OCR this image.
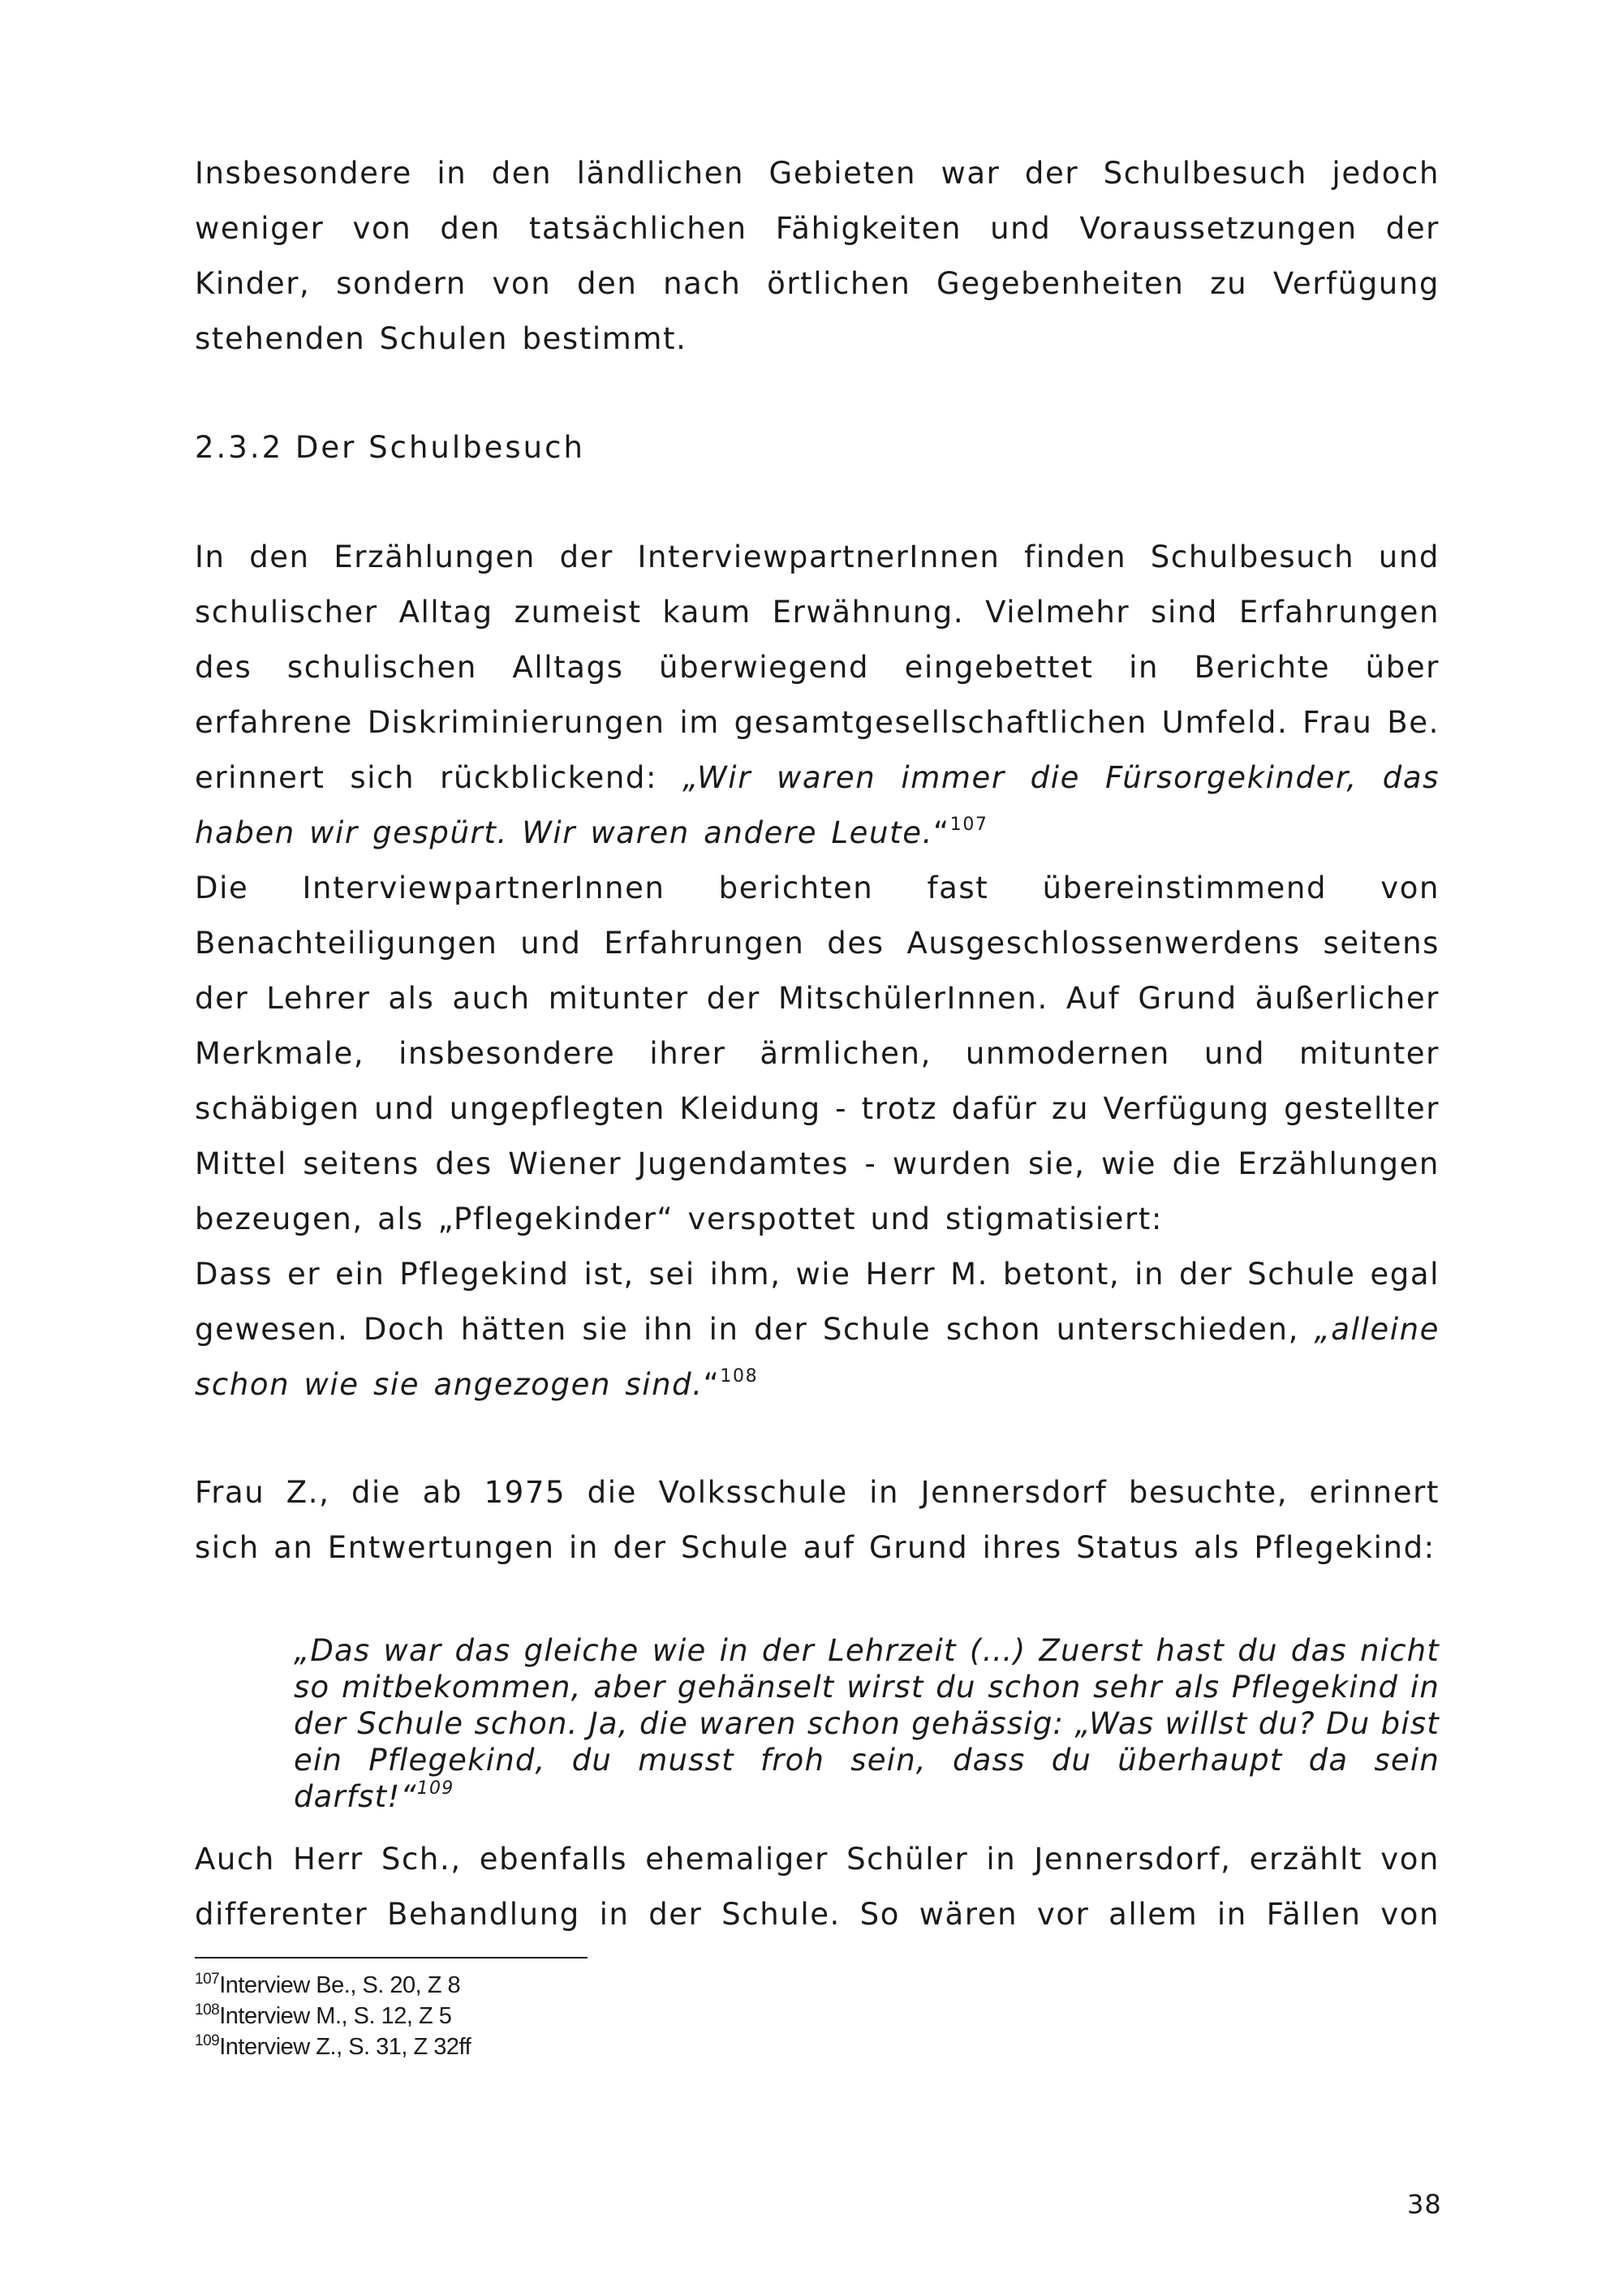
Insbesondere in den ländlichen Gebieten war der Schulbesuch jedoch weniger von den tatsächlichen Fähigkeiten und Voraussetzungen der Kinder, sondern von den nach örtlichen Gegebenheiten zu Verfügung stehenden Schulen bestimmt.

2.3.2 Der Schulbesuch

In den Erzählungen der InterviewpartnerInnen finden Schulbesuch und schulischer Alltag zumeist kaum Erwähnung. Vielmehr sind Erfahrungen des schulischen Alltags überwiegend eingebettet in Berichte über erfahrene Diskriminierungen im gesamtgesellschaftlichen Umfeld. Frau Be. erinnert sich rückblickend: „Wir waren immer die Fürsorgekinder, das haben wir gespürt. Wir waren andere Leute.“$^{107}$

Die InterviewpartnerInnen berichten fast übereinstimmend von Benachteiligungen und Erfahrungen des Ausgeschlossenwerdens seitens der Lehrer als auch mitunter der MitschülerInnen. Auf Grund äußerlicher Merkmale, insbesondere ihrer ärmlichen, unmodernen und mitunter schäbigen und ungepflegten Kleidung - trotz dafür zu Verfügung gestellter Mittel seitens des Wiener Jugendamtes - wurden sie, wie die Erzählungen bezeugen, als „Pflegekinder“ verspottet und stigmatisiert:

Dass er ein Pflegekind ist, sei ihm, wie Herr M. betont, in der Schule egal gewesen. Doch hätten sie ihn in der Schule schon unterschieden, „alleine schon wie sie angezogen sind.“$^{108}$

Frau Z., die ab 1975 die Volksschule in Jennersdorf besuchte, erinnert sich an Entwertungen in der Schule auf Grund ihres Status als Pflegekind:

„Das war das gleiche wie in der Lehrzeit (…) Zuerst hast du das nicht so mitbekommen, aber gehänselt wirst du schon sehr als Pflegekind in der Schule schon. Ja, die waren schon gehässig: „Was willst du? Du bist ein Pflegekind, du musst froh sein, dass du überhaupt da sein darfst!“$^{109}$

Auch Herr Sch., ebenfalls ehemaliger Schüler in Jennersdorf, erzählt von differenter Behandlung in der Schule. So wären vor allem in Fällen von

$^{107}$Interview Be., S. 20, Z 8
$^{108}$Interview M., S. 12, Z 5
$^{109}$Interview Z., S. 31, Z 32ff
38
